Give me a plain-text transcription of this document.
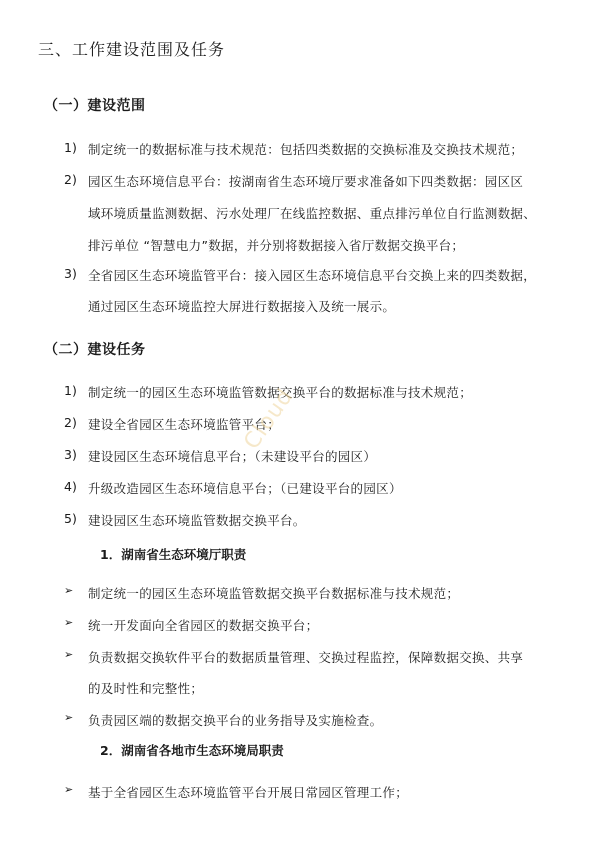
三、工作建设范围及任务
（一）建设范围
1) 制定统一的数据标准与技术规范：包括四类数据的交换标准及交换技术规范；
2) 园区生态环境信息平台：按湖南省生态环境厅要求准备如下四类数据：园区区
域环境质量监测数据、污水处理厂在线监控数据、重点排污单位自行监测数据、
排污单位 “智慧电力”数据，并分别将数据接入省厅数据交换平台；
3) 全省园区生态环境监管平台：接入园区生态环境信息平台交换上来的四类数据，
通过园区生态环境监控大屏进行数据接入及统一展示。
（二）建设任务
1) 制定统一的园区生态环境监管数据交换平台的数据标准与技术规范；
2) 建设全省园区生态环境监管平台；
3) 建设园区生态环境信息平台；（未建设平台的园区）
4) 升级改造园区生态环境信息平台；（已建设平台的园区）
5) 建设园区生态环境监管数据交换平台。
1．湖南省生态环境厅职责
➢ 制定统一的园区生态环境监管数据交换平台数据标准与技术规范；
➢ 统一开发面向全省园区的数据交换平台；
➢ 负责数据交换软件平台的数据质量管理、交换过程监控，保障数据交换、共享
的及时性和完整性；
➢ 负责园区端的数据交换平台的业务指导及实施检查。
2．湖南省各地市生态环境局职责
➢ 基于全省园区生态环境监管平台开展日常园区管理工作；
Cloud
